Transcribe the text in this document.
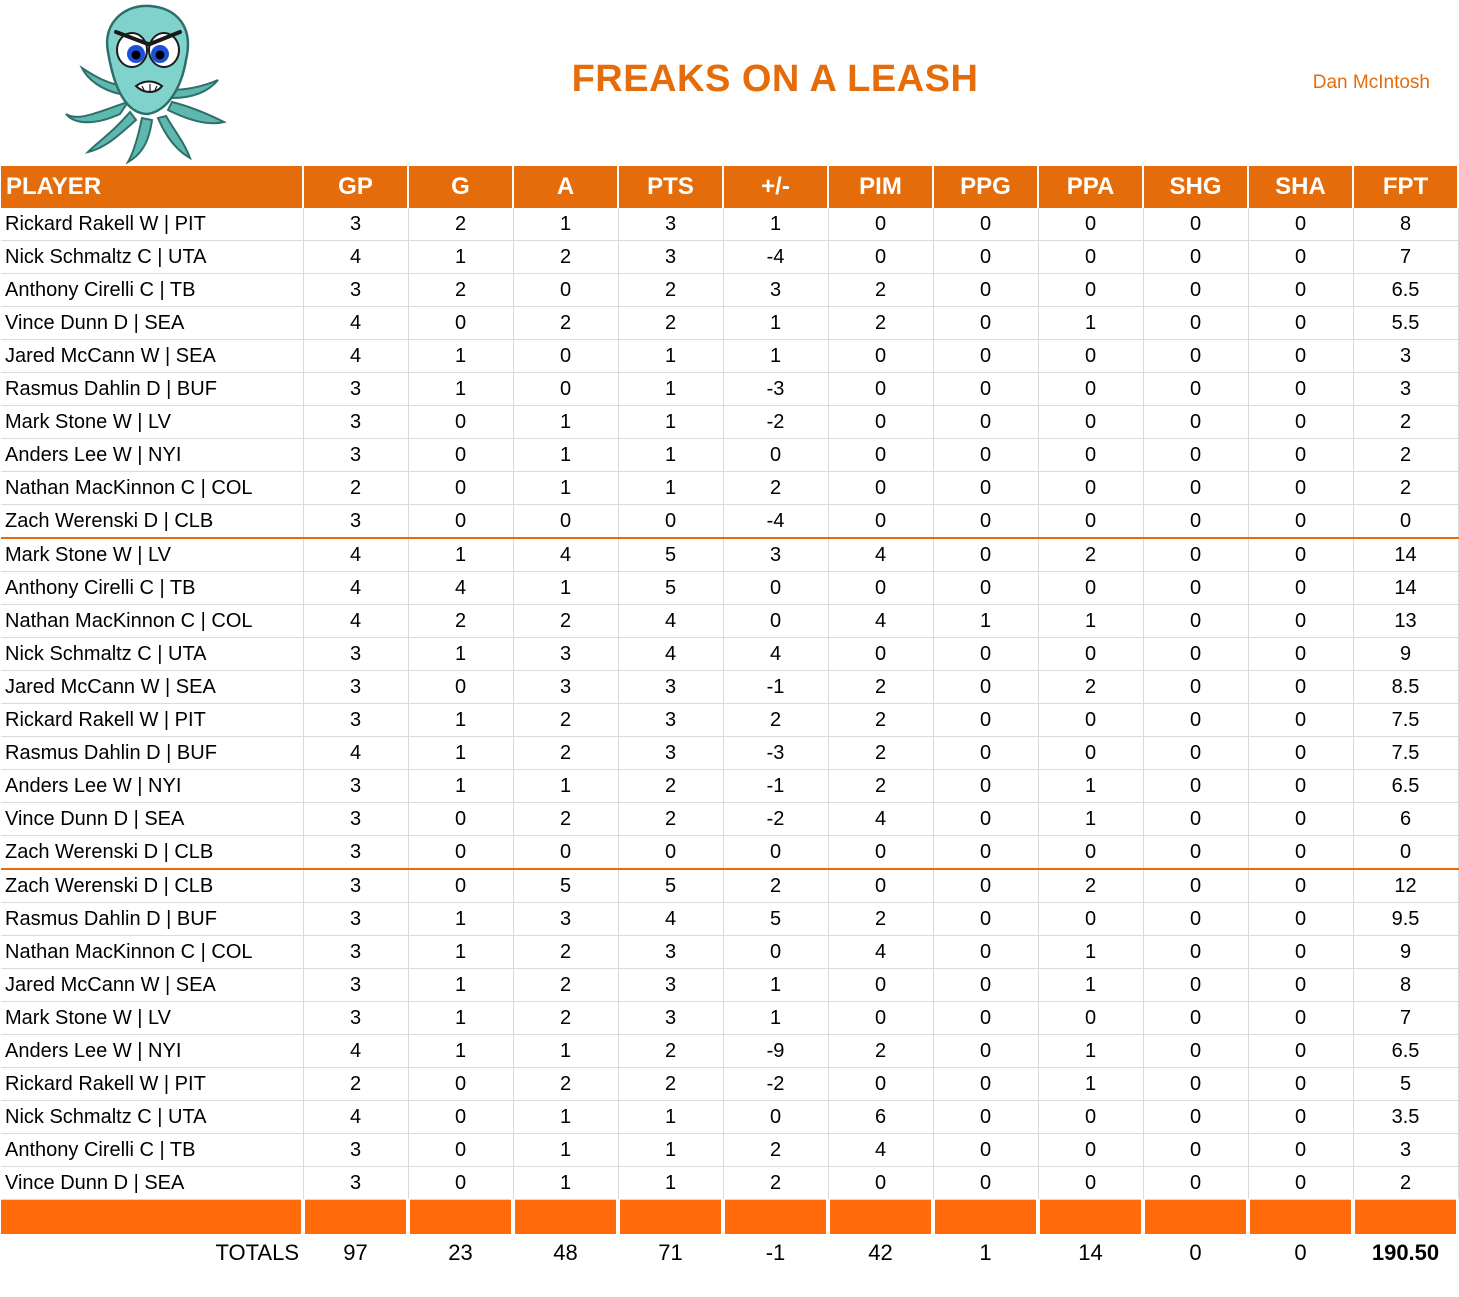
FREAKS ON A LEASH	Dan McIntosh
PLAYER	GP	G	A	PTS	+/-	PIM	PPG	PPA	SHG	SHA	FPT
Rickard Rakell W | PIT	3	2	1	3	1	0	0	0	0	0	8
Nick Schmaltz C | UTA	4	1	2	3	-4	0	0	0	0	0	7
Anthony Cirelli C | TB	3	2	0	2	3	2	0	0	0	0	6.5
Vince Dunn D | SEA	4	0	2	2	1	2	0	1	0	0	5.5
Jared McCann W | SEA	4	1	0	1	1	0	0	0	0	0	3
Rasmus Dahlin D | BUF	3	1	0	1	-3	0	0	0	0	0	3
Mark Stone W | LV	3	0	1	1	-2	0	0	0	0	0	2
Anders Lee W | NYI	3	0	1	1	0	0	0	0	0	0	2
Nathan MacKinnon C | COL	2	0	1	1	2	0	0	0	0	0	2
Zach Werenski D | CLB	3	0	0	0	-4	0	0	0	0	0	0
Mark Stone W | LV	4	1	4	5	3	4	0	2	0	0	14
Anthony Cirelli C | TB	4	4	1	5	0	0	0	0	0	0	14
Nathan MacKinnon C | COL	4	2	2	4	0	4	1	1	0	0	13
Nick Schmaltz C | UTA	3	1	3	4	4	0	0	0	0	0	9
Jared McCann W | SEA	3	0	3	3	-1	2	0	2	0	0	8.5
Rickard Rakell W | PIT	3	1	2	3	2	2	0	0	0	0	7.5
Rasmus Dahlin D | BUF	4	1	2	3	-3	2	0	0	0	0	7.5
Anders Lee W | NYI	3	1	1	2	-1	2	0	1	0	0	6.5
Vince Dunn D | SEA	3	0	2	2	-2	4	0	1	0	0	6
Zach Werenski D | CLB	3	0	0	0	0	0	0	0	0	0	0
Zach Werenski D | CLB	3	0	5	5	2	0	0	2	0	0	12
Rasmus Dahlin D | BUF	3	1	3	4	5	2	0	0	0	0	9.5
Nathan MacKinnon C | COL	3	1	2	3	0	4	0	1	0	0	9
Jared McCann W | SEA	3	1	2	3	1	0	0	1	0	0	8
Mark Stone W | LV	3	1	2	3	1	0	0	0	0	0	7
Anders Lee W | NYI	4	1	1	2	-9	2	0	1	0	0	6.5
Rickard Rakell W | PIT	2	0	2	2	-2	0	0	1	0	0	5
Nick Schmaltz C | UTA	4	0	1	1	0	6	0	0	0	0	3.5
Anthony Cirelli C | TB	3	0	1	1	2	4	0	0	0	0	3
Vince Dunn D | SEA	3	0	1	1	2	0	0	0	0	0	2

TOTALS	97	23	48	71	-1	42	1	14	0	0	190.50
